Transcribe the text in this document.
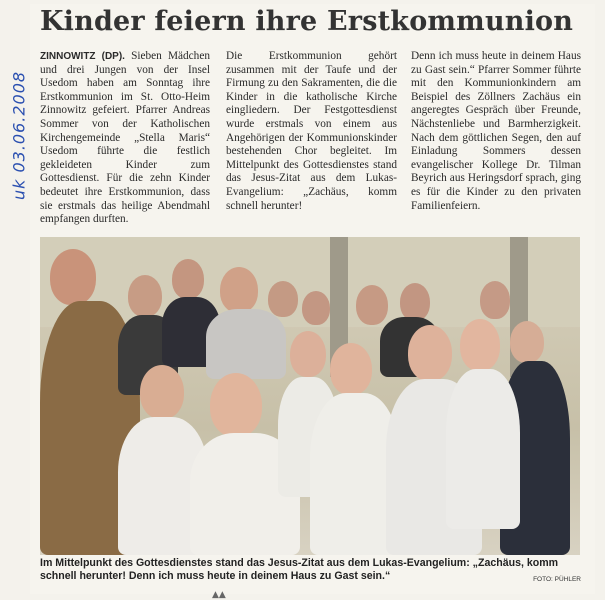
uk 03.06.2008
Kinder feiern ihre Erstkommunion
ZINNOWITZ (DP). Sieben Mädchen und drei Jungen von der Insel Usedom haben am Sonntag ihre Erstkommunion im St. Otto-Heim Zinnowitz gefeiert. Pfarrer Andreas Sommer von der Katholischen Kirchengemeinde „Stella Maris“ Usedom führte die festlich gekleideten Kinder zum Gottesdienst. Für die zehn Kinder bedeutet ihre Erstkommunion, dass sie erstmals das heilige Abendmahl empfangen durften.
Die Erstkommunion gehört zusammen mit der Taufe und der Firmung zu den Sakramenten, die die Kinder in die katholische Kirche eingliedern. Der Festgottesdienst wurde erstmals von einem aus Angehörigen der Kommunionskinder bestehenden Chor begleitet. Im Mittelpunkt des Gottesdienstes stand das Jesus-Zitat aus dem Lukas-Evangelium: „Zachäus, komm schnell herunter!
Denn ich muss heute in deinem Haus zu Gast sein.“ Pfarrer Sommer führte mit den Kommunionkindern am Beispiel des Zöllners Zachäus ein angeregtes Gespräch über Freunde, Nächstenliebe und Barmherzigkeit. Nach dem göttlichen Segen, den auf Einladung Sommers dessen evangelischer Kollege Dr. Tilman Beyrich aus Heringsdorf sprach, ging es für die Kinder zu den privaten Familienfeiern.
Im Mittelpunkt des Gottesdienstes stand das Jesus-Zitat aus dem Lukas-Evangelium: „Zachäus, komm schnell herunter! Denn ich muss heute in deinem Haus zu Gast sein.“	FOTO: PÜHLER
▲▲
